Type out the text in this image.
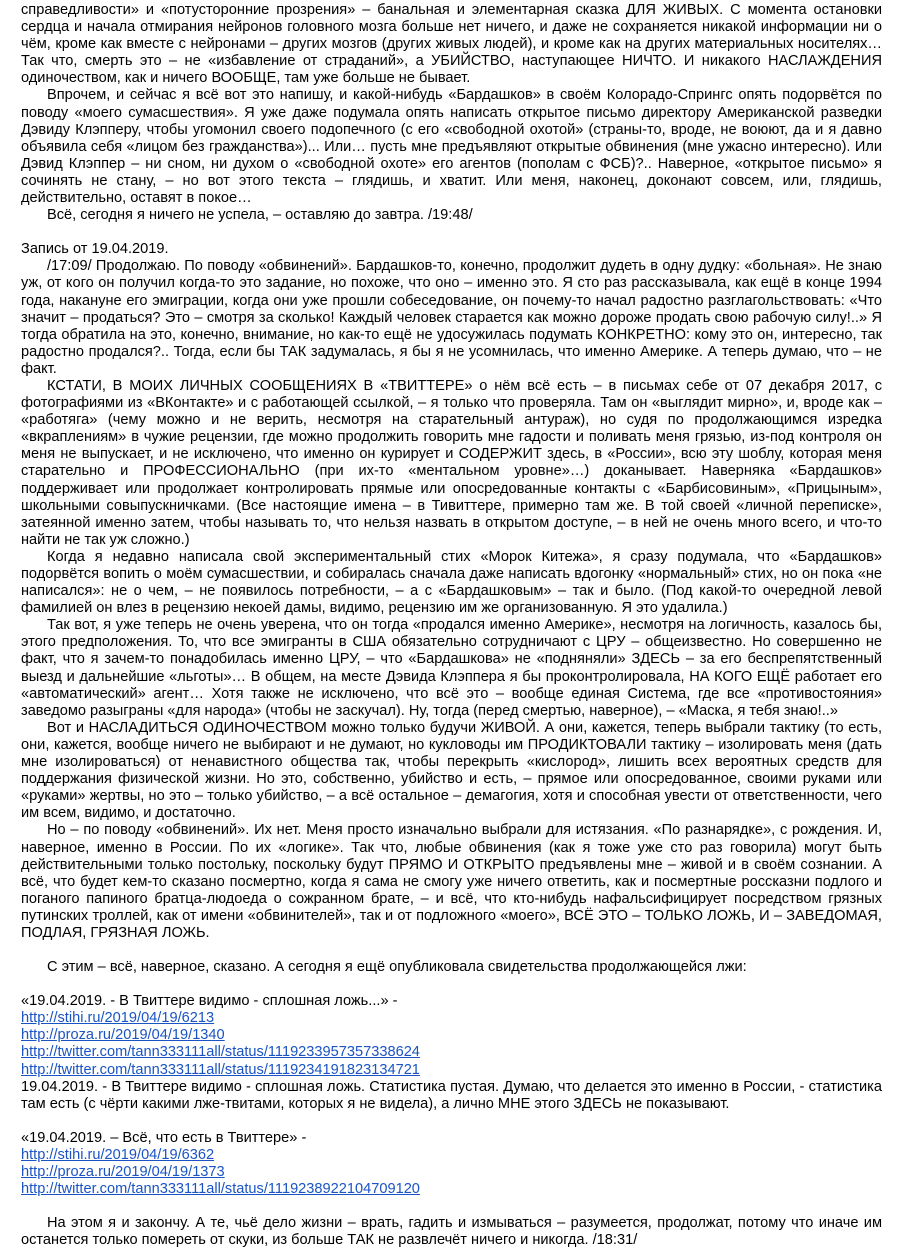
справедливости» и «потусторонние прозрения» – банальная и элементарная сказка ДЛЯ ЖИВЫХ. С момента остановки сердца и начала отмирания нейронов головного мозга больше нет ничего, и даже не сохраняется никакой информации ни о чём, кроме как вместе с нейронами – других мозгов (других живых людей), и кроме как на других материальных носителях… Так что, смерть это – не «избавление от страданий», а УБИЙСТВО, наступающее НИЧТО. И никакого НАСЛАЖДЕНИЯ одиночеством, как и ничего ВООБЩЕ, там уже больше не бывает.

Впрочем, и сейчас я всё вот это напишу, и какой-нибудь «Бардашков» в своём Колорадо-Спрингс опять подорвётся по поводу «моего сумасшествия». Я уже даже подумала опять написать открытое письмо директору Американской разведки Дэвиду Клэпперу, чтобы угомонил своего подопечного (с его «свободной охотой» (страны-то, вроде, не воюют, да и я давно объявила себя «лицом без гражданства»)... Или… пусть мне предъявляют открытые обвинения (мне ужасно интересно). Или Дэвид Клэппер – ни сном, ни духом о «свободной охоте» его агентов (пополам с ФСБ)?.. Наверное, «открытое письмо» я сочинять не стану, – но вот этого текста – глядишь, и хватит. Или меня, наконец, доконают совсем, или, глядишь, действительно, оставят в покое…

Всё, сегодня я ничего не успела, – оставляю до завтра. /19:48/

Запись от 19.04.2019.

/17:09/ Продолжаю. По поводу «обвинений». Бардашков-то, конечно, продолжит дудеть в одну дудку: «больная». Не знаю уж, от кого он получил когда-то это задание, но похоже, что оно – именно это. Я сто раз рассказывала, как ещё в конце 1994 года, накануне его эмиграции, когда они уже прошли собеседование, он почему-то начал радостно разглагольствовать: «Что значит – продаться? Это – смотря за сколько! Каждый человек старается как можно дороже продать свою рабочую силу!..» Я тогда обратила на это, конечно, внимание, но как-то ещё не удосужилась подумать КОНКРЕТНО: кому это он, интересно, так радостно продался?.. Тогда, если бы ТАК задумалась, я бы я не усомнилась, что именно Америке. А теперь думаю, что – не факт.

КСТАТИ, В МОИХ ЛИЧНЫХ СООБЩЕНИЯХ В «ТВИТТЕРЕ» о нём всё есть – в письмах себе от 07 декабря 2017, с фотографиями из «ВКонтакте» и с работающей ссылкой, – я только что проверяла. Там он «выглядит мирно», и, вроде как – «работяга» (чему можно и не верить, несмотря на старательный антураж), но судя по продолжающимся изредка «вкраплениям» в чужие рецензии, где можно продолжить говорить мне гадости и поливать меня грязью, из-под контроля он меня не выпускает, и не исключено, что именно он курирует и СОДЕРЖИТ здесь, в «России», всю эту шоблу, которая меня старательно и ПРОФЕССИОНАЛЬНО (при их-то «ментальном уровне»…) доканывает. Наверняка «Бардашков» поддерживает или продолжает контролировать прямые или опосредованные контакты с «Барбисовиным», «Прицыным», школьными совыпускничками. (Все настоящие имена – в Тивиттере, примерно там же. В той своей «личной переписке», затеянной именно затем, чтобы называть то, что нельзя назвать в открытом доступе, – в ней не очень много всего, и что-то найти не так уж сложно.)

Когда я недавно написала свой экспериментальный стих «Морок Китежа», я сразу подумала, что «Бардашков» подорвётся вопить о моём сумасшествии, и собиралась сначала даже написать вдогонку «нормальный» стих, но он пока «не написался»: не о чем, – не появилось потребности, – а с «Бардашковым» – так и было. (Под какой-то очередной левой фамилией он влез в рецензию некоей дамы, видимо, рецензию им же организованную. Я это удалила.)

Так вот, я уже теперь не очень уверена, что он тогда «продался именно Америке», несмотря на логичность, казалось бы, этого предположения. То, что все эмигранты в США обязательно сотрудничают с ЦРУ – общеизвестно. Но совершенно не факт, что я зачем-то понадобилась именно ЦРУ, – что «Бардашкова» не «подняняли» ЗДЕСЬ – за его беспрепятственный выезд и дальнейшие «льготы»… В общем, на месте Дэвида Клэппера я бы проконтролировала, НА КОГО ЕЩЁ работает его «автоматический» агент… Хотя также не исключено, что всё это – вообще единая Система, где все «противостояния» заведомо разыграны «для народа» (чтобы не заскучал). Ну, тогда (перед смертью, наверное), – «Маска, я тебя знаю!..»

Вот и НАСЛАДИТЬСЯ ОДИНОЧЕСТВОМ можно только будучи ЖИВОЙ. А они, кажется, теперь выбрали тактику (то есть, они, кажется, вообще ничего не выбирают и не думают, но кукловоды им ПРОДИКТОВАЛИ тактику – изолировать меня (дать мне изолироваться) от ненавистного общества так, чтобы перекрыть «кислород», лишить всех вероятных средств для поддержания физической жизни. Но это, собственно, убийство и есть, – прямое или опосредованное, своими руками или «руками» жертвы, но это – только убийство, – а всё остальное – демагогия, хотя и способная увести от ответственности, чего им всем, видимо, и достаточно.

Но – по поводу «обвинений». Их нет. Меня просто изначально выбрали для истязания. «По разнарядке», с рождения. И, наверное, именно в России. По их «логике». Так что, любые обвинения (как я тоже уже сто раз говорила) могут быть действительными только постольку, поскольку будут ПРЯМО И ОТКРЫТО предъявлены мне – живой и в своём сознании. А всё, что будет кем-то сказано посмертно, когда я сама не смогу уже ничего ответить, как и посмертные россказни подлого и поганого папиного братца-людоеда о сожранном брате, – и всё, что кто-нибудь нафальсифицирует посредством грязных путинских троллей, как от имени «обвинителей», так и от подложного «моего», ВСЁ ЭТО – ТОЛЬКО ЛОЖЬ, И – ЗАВЕДОМАЯ, ПОДЛАЯ, ГРЯЗНАЯ ЛОЖЬ.

С этим – всё, наверное, сказано. А сегодня я ещё опубликовала свидетельства продолжающейся лжи:

«19.04.2019. - В Твиттере видимо - сплошная ложь...» -

http://stihi.ru/2019/04/19/6213
http://proza.ru/2019/04/19/1340
http://twitter.com/tann333111all/status/1119233957357338624
http://twitter.com/tann333111all/status/1119234191823134721

19.04.2019. - В Твиттере видимо - сплошная ложь. Статистика пустая. Думаю, что делается это именно в России, - статистика там есть (с чёрти какими лже-твитами, которых я не видела), а лично МНЕ этого ЗДЕСЬ не показывают.

«19.04.2019. – Всё, что есть в Твиттере» -

http://stihi.ru/2019/04/19/6362
http://proza.ru/2019/04/19/1373
http://twitter.com/tann333111all/status/1119238922104709120

На этом я и закончу. А те, чьё дело жизни – врать, гадить и измываться – разумеется, продолжат, потому что иначе им останется только помереть от скуки, из больше ТАК не развлечёт ничего и никогда. /18:31/
